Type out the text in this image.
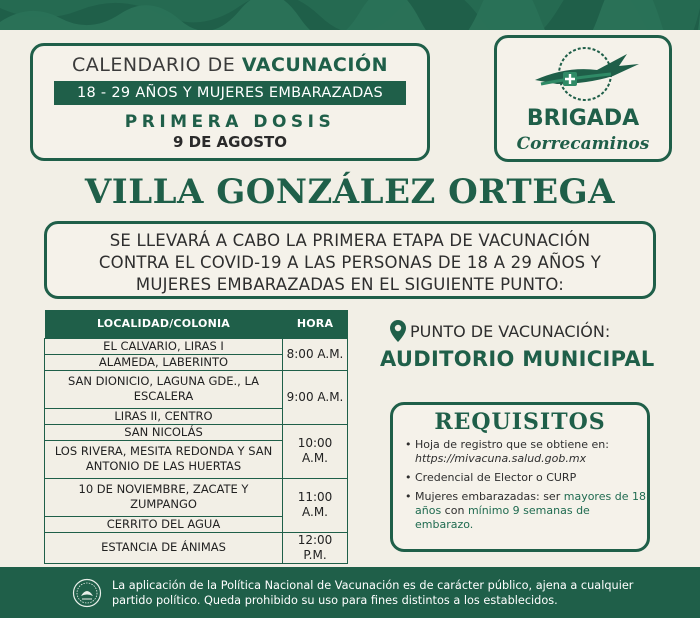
CALENDARIO DE VACUNACIÓN
18 - 29 AÑOS Y MUJERES EMBARAZADAS
PRIMERA DOSIS
9 DE AGOSTO
BRIGADA
Correcaminos
VILLA GONZÁLEZ ORTEGA
SE LLEVARÁ A CABO LA PRIMERA ETAPA DE VACUNACIÓN
CONTRA EL COVID-19 A LAS PERSONAS DE 18 A 29 AÑOS Y
MUJERES EMBARAZADAS EN EL SIGUIENTE PUNTO:
LOCALIDAD/COLONIA	HORA
EL CALVARIO, LIRAS I	8:00 A.M.
ALAMEDA, LABERINTO	
SAN DIONICIO, LAGUNA GDE., LA ESCALERA	9:00 A.M.
LIRAS II, CENTRO	
SAN NICOLÁS	10:00 A.M.
LOS RIVERA, MESITA REDONDA Y SAN ANTONIO DE LAS HUERTAS	
10 DE NOVIEMBRE, ZACATE Y ZUMPANGO	11:00 A.M.
CERRITO DEL AGUA	
ESTANCIA DE ÁNIMAS	12:00 P.M.
PUNTO DE VACUNACIÓN:
AUDITORIO MUNICIPAL
REQUISITOS
• Hoja de registro que se obtiene en: https://mivacuna.salud.gob.mx
• Credencial de Elector o CURP
• Mujeres embarazadas: ser mayores de 18 años con mínimo 9 semanas de embarazo.
La aplicación de la Política Nacional de Vacunación es de carácter público, ajena a cualquier partido político. Queda prohibido su uso para fines distintos a los establecidos.
